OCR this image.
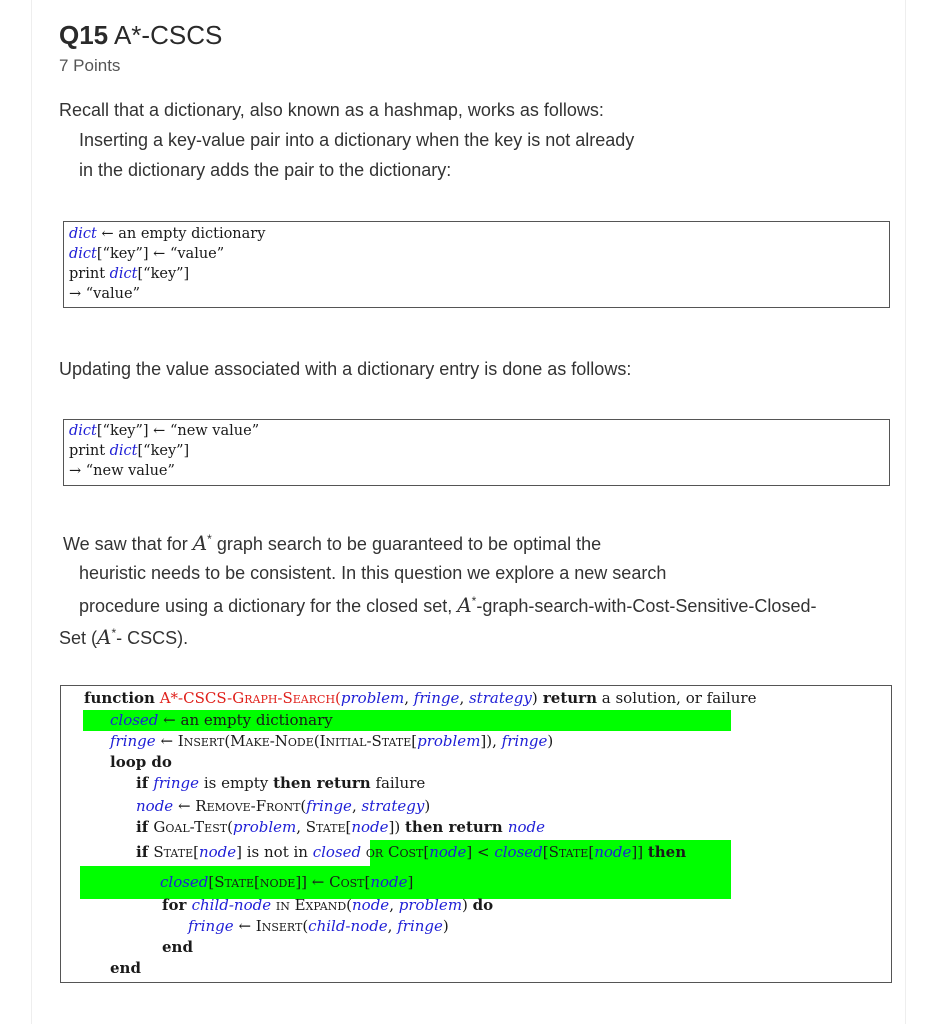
Q15 A*-CSCS
7 Points
Recall that a dictionary, also known as a hashmap, works as follows:
Inserting a key-value pair into a dictionary when the key is not already
in the dictionary adds the pair to the dictionary:
dict ← an empty dictionary
dict[“key”] ← “value”
print dict[“key”]
→ “value”
Updating the value associated with a dictionary entry is done as follows:
dict[“key”] ← “new value”
print dict[“key”]
→ “new value”
We saw that for A* graph search to be guaranteed to be optimal the
heuristic needs to be consistent. In this question we explore a new search
procedure using a dictionary for the closed set, A*-graph-search-with-Cost-Sensitive-Closed-
Set (A*- CSCS).
function A*-CSCS-Graph-Search(problem, fringe, strategy) return a solution, or failure
closed ← an empty dictionary
fringe ← Insert(Make-Node(Initial-State[problem]), fringe)
loop do
if fringe is empty then return failure
node ← Remove-Front(fringe, strategy)
if Goal-Test(problem, State[node]) then return node
if State[node] is not in closed or Cost[node] < closed[State[node]] then
closed[State[node]] ← Cost[node]
for child-node in Expand(node, problem) do
fringe ← Insert(child-node, fringe)
end
end
